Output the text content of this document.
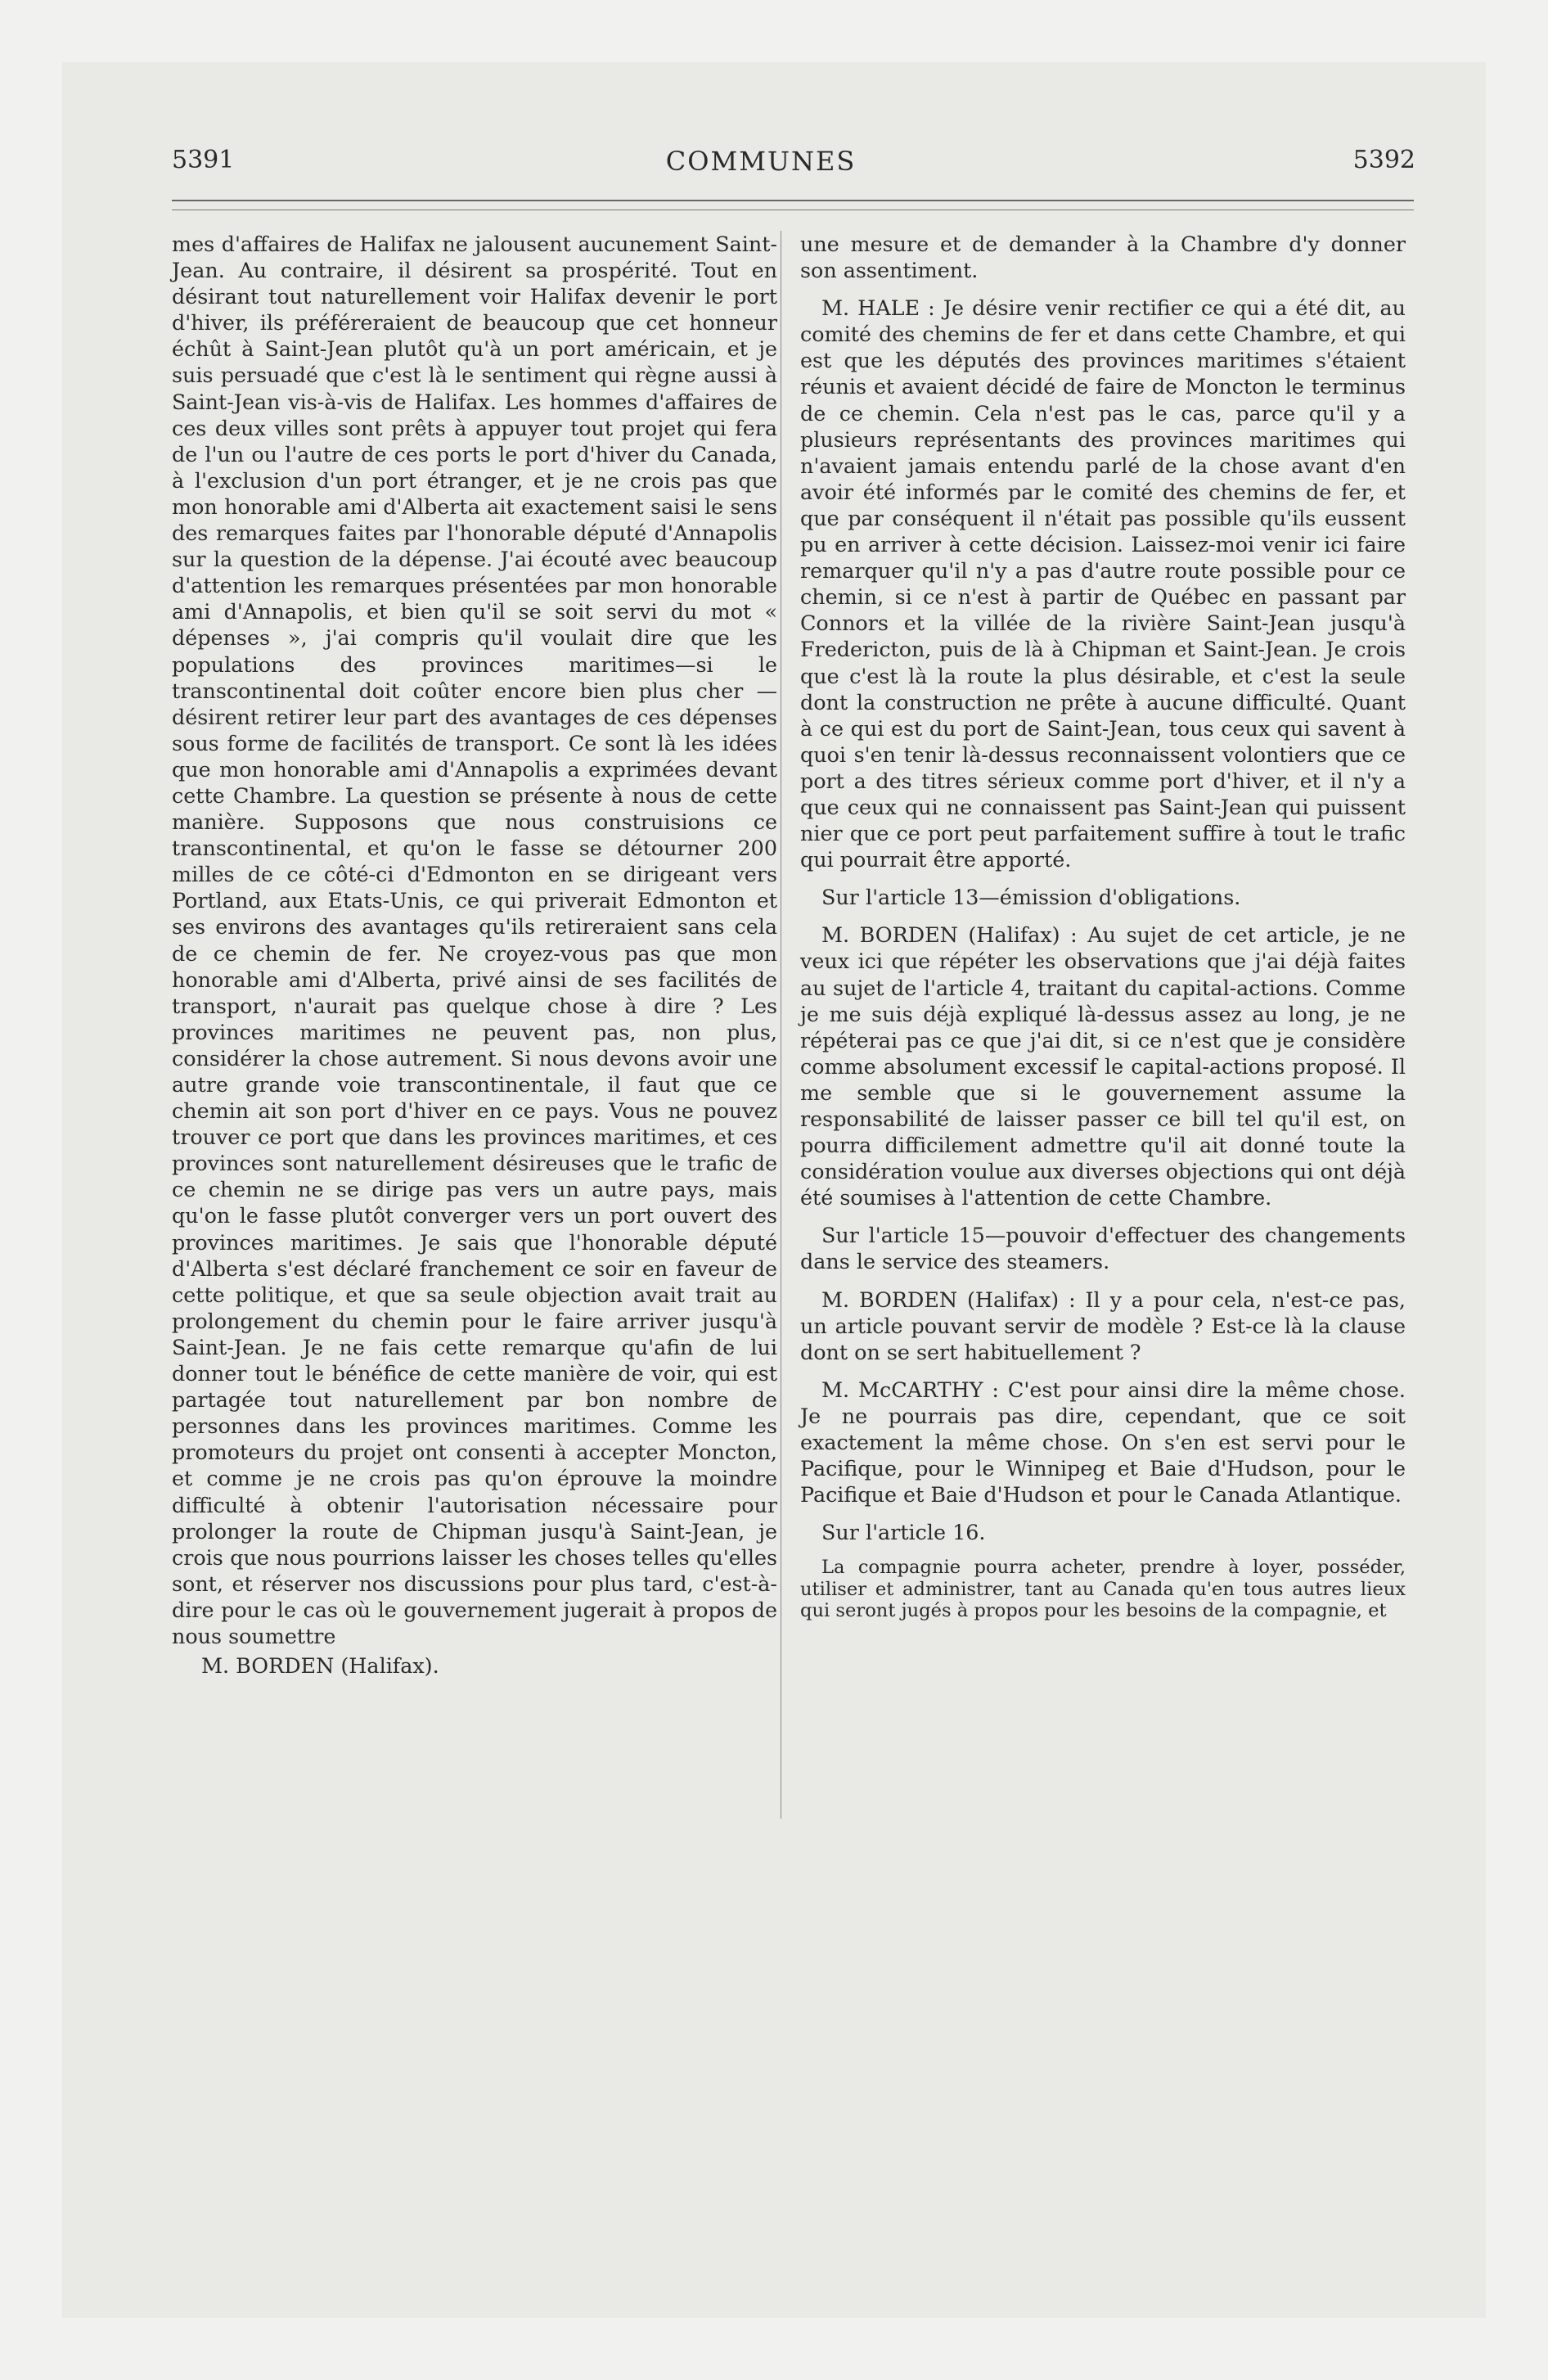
5391	COMMUNES	5392

mes d'affaires de Halifax ne jalousent aucunement Saint-Jean. Au contraire, il désirent sa prospérité. Tout en désirant tout naturellement voir Halifax devenir le port d'hiver, ils préféreraient de beaucoup que cet honneur échût à Saint-Jean plutôt qu'à un port américain, et je suis persuadé que c'est là le sentiment qui règne aussi à Saint-Jean vis-à-vis de Halifax. Les hommes d'affaires de ces deux villes sont prêts à appuyer tout projet qui fera de l'un ou l'autre de ces ports le port d'hiver du Canada, à l'exclusion d'un port étranger, et je ne crois pas que mon honorable ami d'Alberta ait exactement saisi le sens des remarques faites par l'honorable député d'Annapolis sur la question de la dépense. J'ai écouté avec beaucoup d'attention les remarques présentées par mon honorable ami d'Annapolis, et bien qu'il se soit servi du mot « dépenses », j'ai compris qu'il voulait dire que les populations des provinces maritimes—si le transcontinental doit coûter encore bien plus cher —désirent retirer leur part des avantages de ces dépenses sous forme de facilités de transport. Ce sont là les idées que mon honorable ami d'Annapolis a exprimées devant cette Chambre. La question se présente à nous de cette manière. Supposons que nous construisions ce transcontinental, et qu'on le fasse se détourner 200 milles de ce côté-ci d'Edmonton en se dirigeant vers Portland, aux Etats-Unis, ce qui priverait Edmonton et ses environs des avantages qu'ils retireraient sans cela de ce chemin de fer. Ne croyez-vous pas que mon honorable ami d'Alberta, privé ainsi de ses facilités de transport, n'aurait pas quelque chose à dire ? Les provinces maritimes ne peuvent pas, non plus, considérer la chose autrement. Si nous devons avoir une autre grande voie transcontinentale, il faut que ce chemin ait son port d'hiver en ce pays. Vous ne pouvez trouver ce port que dans les provinces maritimes, et ces provinces sont naturellement désireuses que le trafic de ce chemin ne se dirige pas vers un autre pays, mais qu'on le fasse plutôt converger vers un port ouvert des provinces maritimes. Je sais que l'honorable député d'Alberta s'est déclaré franchement ce soir en faveur de cette politique, et que sa seule objection avait trait au prolongement du chemin pour le faire arriver jusqu'à Saint-Jean. Je ne fais cette remarque qu'afin de lui donner tout le bénéfice de cette manière de voir, qui est partagée tout naturellement par bon nombre de personnes dans les provinces maritimes. Comme les promoteurs du projet ont consenti à accepter Moncton, et comme je ne crois pas qu'on éprouve la moindre difficulté à obtenir l'autorisation nécessaire pour prolonger la route de Chipman jusqu'à Saint-Jean, je crois que nous pourrions laisser les choses telles qu'elles sont, et réserver nos discussions pour plus tard, c'est-à-dire pour le cas où le gouvernement jugerait à propos de nous soumettre

M. BORDEN (Halifax).

une mesure et de demander à la Chambre d'y donner son assentiment.

M. HALE : Je désire venir rectifier ce qui a été dit, au comité des chemins de fer et dans cette Chambre, et qui est que les députés des provinces maritimes s'étaient réunis et avaient décidé de faire de Moncton le terminus de ce chemin. Cela n'est pas le cas, parce qu'il y a plusieurs représentants des provinces maritimes qui n'avaient jamais entendu parlé de la chose avant d'en avoir été informés par le comité des chemins de fer, et que par conséquent il n'était pas possible qu'ils eussent pu en arriver à cette décision. Laissez-moi venir ici faire remarquer qu'il n'y a pas d'autre route possible pour ce chemin, si ce n'est à partir de Québec en passant par Connors et la villée de la rivière Saint-Jean jusqu'à Fredericton, puis de là à Chipman et Saint-Jean. Je crois que c'est là la route la plus désirable, et c'est la seule dont la construction ne prête à aucune difficulté. Quant à ce qui est du port de Saint-Jean, tous ceux qui savent à quoi s'en tenir là-dessus reconnaissent volontiers que ce port a des titres sérieux comme port d'hiver, et il n'y a que ceux qui ne connaissent pas Saint-Jean qui puissent nier que ce port peut parfaitement suffire à tout le trafic qui pourrait être apporté.

Sur l'article 13—émission d'obligations.

M. BORDEN (Halifax) : Au sujet de cet article, je ne veux ici que répéter les observations que j'ai déjà faites au sujet de l'article 4, traitant du capital-actions. Comme je me suis déjà expliqué là-dessus assez au long, je ne répéterai pas ce que j'ai dit, si ce n'est que je considère comme absolument excessif le capital-actions proposé. Il me semble que si le gouvernement assume la responsabilité de laisser passer ce bill tel qu'il est, on pourra difficilement admettre qu'il ait donné toute la considération voulue aux diverses objections qui ont déjà été soumises à l'attention de cette Chambre.

Sur l'article 15—pouvoir d'effectuer des changements dans le service des steamers.

M. BORDEN (Halifax) : Il y a pour cela, n'est-ce pas, un article pouvant servir de modèle ? Est-ce là la clause dont on se sert habituellement ?

M. McCARTHY : C'est pour ainsi dire la même chose. Je ne pourrais pas dire, cependant, que ce soit exactement la même chose. On s'en est servi pour le Pacifique, pour le Winnipeg et Baie d'Hudson, pour le Pacifique et Baie d'Hudson et pour le Canada Atlantique.

Sur l'article 16.

La compagnie pourra acheter, prendre à loyer, posséder, utiliser et administrer, tant au Canada qu'en tous autres lieux qui seront jugés à propos pour les besoins de la compagnie, et
